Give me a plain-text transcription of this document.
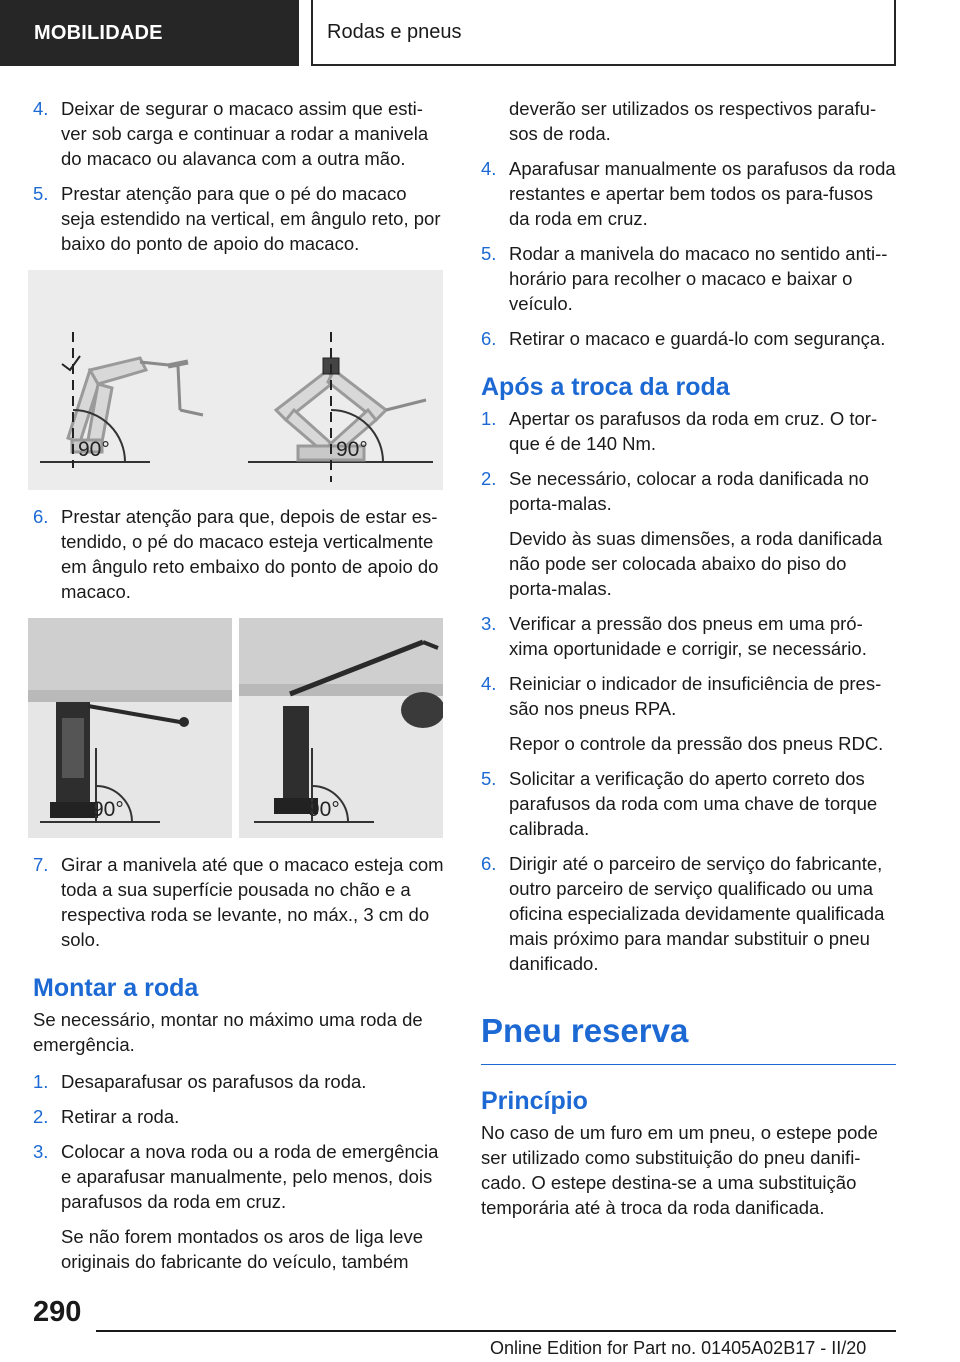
MOBILIDADE	Rodas e pneus
4. Deixar de segurar o macaco assim que esti-ver sob carga e continuar a rodar a manivela do macaco ou alavanca com a outra mão.
5. Prestar atenção para que o pé do macaco seja estendido na vertical, em ângulo reto, por baixo do ponto de apoio do macaco.
90°	90°
6. Prestar atenção para que, depois de estar es-tendido, o pé do macaco esteja verticalmente em ângulo reto embaixo do ponto de apoio do macaco.
90°	90°
7. Girar a manivela até que o macaco esteja com toda a sua superfície pousada no chão e a respectiva roda se levante, no máx., 3 cm do solo.
Montar a roda

Se necessário, montar no máximo uma roda de emergência.

1. Desaparafusar os parafusos da roda.
2. Retirar a roda.
3. Colocar a nova roda ou a roda de emergência e aparafusar manualmente, pelo menos, dois parafusos da roda em cruz.
Se não forem montados os aros de liga leve originais do fabricante do veículo, também
deverão ser utilizados os respectivos parafu-sos de roda.
4. Aparafusar manualmente os parafusos da roda restantes e apertar bem todos os para-fusos da roda em cruz.
5. Rodar a manivela do macaco no sentido anti--horário para recolher o macaco e baixar o veículo.
6. Retirar o macaco e guardá-lo com segurança.
Após a troca da roda
1. Apertar os parafusos da roda em cruz. O tor-que é de 140 Nm.
2. Se necessário, colocar a roda danificada no porta-malas.
Devido às suas dimensões, a roda danificada não pode ser colocada abaixo do piso do porta-malas.
3. Verificar a pressão dos pneus em uma pró-xima oportunidade e corrigir, se necessário.
4. Reiniciar o indicador de insuficiência de pres-são nos pneus RPA.
Repor o controle da pressão dos pneus RDC.
5. Solicitar a verificação do aperto correto dos parafusos da roda com uma chave de torque calibrada.
6. Dirigir até o parceiro de serviço do fabricante, outro parceiro de serviço qualificado ou uma oficina especializada devidamente qualificada mais próximo para mandar substituir o pneu danificado.
Pneu reserva
Princípio

No caso de um furo em um pneu, o estepe pode ser utilizado como substituição do pneu danifi-cado. O estepe destina-se a uma substituição temporária até à troca da roda danificada.

290
Online Edition for Part no. 01405A02B17 - II/20
